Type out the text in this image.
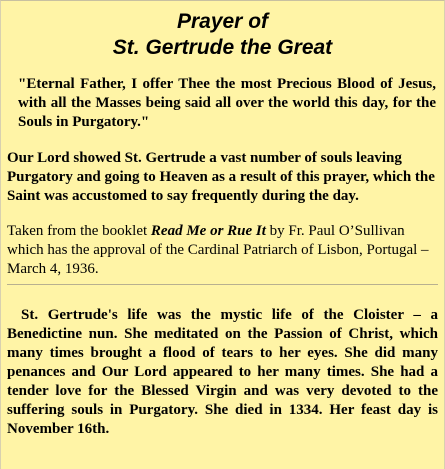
Prayer of
St. Gertrude the Great

"Eternal Father, I offer Thee the most Precious Blood of Jesus, with all the Masses being said all over the world this day, for the Souls in Purgatory."

Our Lord showed St. Gertrude a vast number of souls leaving Purgatory and going to Heaven as a result of this prayer, which the Saint was accustomed to say frequently during the day.

Taken from the booklet Read Me or Rue It by Fr. Paul O’Sullivan which has the approval of the Cardinal Patriarch of Lisbon, Portugal – March 4, 1936.

St. Gertrude's life was the mystic life of the Cloister – a Benedictine nun. She meditated on the Passion of Christ, which many times brought a flood of tears to her eyes. She did many penances and Our Lord appeared to her many times. She had a tender love for the Blessed Virgin and was very devoted to the suffering souls in Purgatory. She died in 1334. Her feast day is November 16th.
